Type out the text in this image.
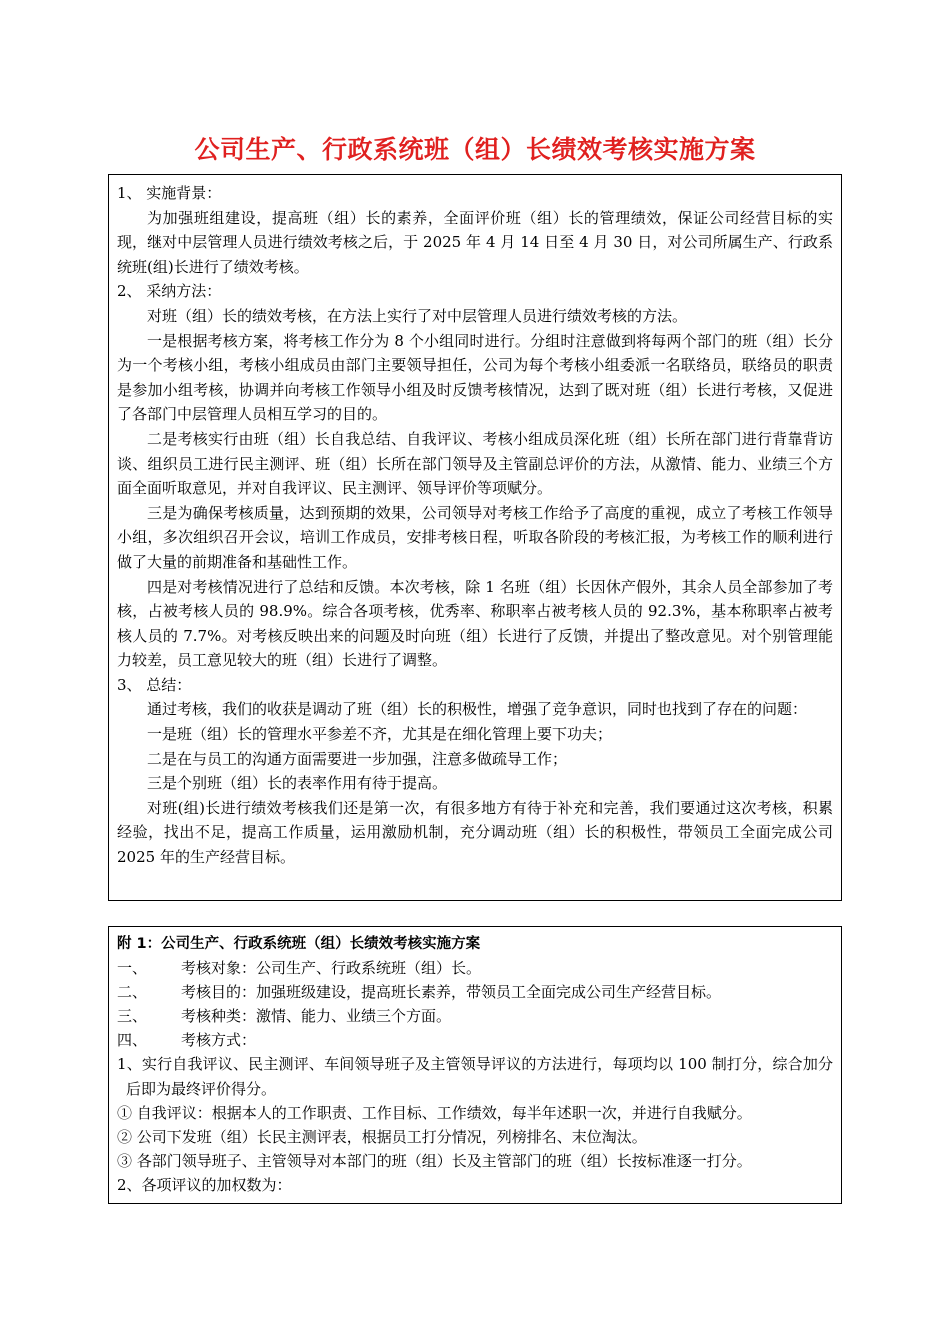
公司生产、行政系统班（组）长绩效考核实施方案

1、 实施背景：

为加强班组建设，提高班（组）长的素养，全面评价班（组）长的管理绩效，保证公司经营目标的实现，继对中层管理人员进行绩效考核之后，于 2025 年 4 月 14 日至 4 月 30 日，对公司所属生产、行政系统班(组)长进行了绩效考核。

2、 采纳方法：

对班（组）长的绩效考核，在方法上实行了对中层管理人员进行绩效考核的方法。

一是根据考核方案，将考核工作分为 8 个小组同时进行。分组时注意做到将每两个部门的班（组）长分为一个考核小组，考核小组成员由部门主要领导担任，公司为每个考核小组委派一名联络员，联络员的职责是参加小组考核，协调并向考核工作领导小组及时反馈考核情况，达到了既对班（组）长进行考核，又促进了各部门中层管理人员相互学习的目的。

二是考核实行由班（组）长自我总结、自我评议、考核小组成员深化班（组）长所在部门进行背靠背访谈、组织员工进行民主测评、班（组）长所在部门领导及主管副总评价的方法，从激情、能力、业绩三个方面全面听取意见，并对自我评议、民主测评、领导评价等项赋分。

三是为确保考核质量，达到预期的效果，公司领导对考核工作给予了高度的重视，成立了考核工作领导小组，多次组织召开会议，培训工作成员，安排考核日程，听取各阶段的考核汇报，为考核工作的顺利进行做了大量的前期准备和基础性工作。

四是对考核情况进行了总结和反馈。本次考核，除 1 名班（组）长因休产假外，其余人员全部参加了考核，占被考核人员的 98.9%。综合各项考核，优秀率、称职率占被考核人员的 92.3%，基本称职率占被考核人员的 7.7%。对考核反映出来的问题及时向班（组）长进行了反馈，并提出了整改意见。对个别管理能力较差，员工意见较大的班（组）长进行了调整。

3、 总结：

通过考核，我们的收获是调动了班（组）长的积极性，增强了竞争意识，同时也找到了存在的问题：

一是班（组）长的管理水平参差不齐，尤其是在细化管理上要下功夫；

二是在与员工的沟通方面需要进一步加强，注意多做疏导工作；

三是个别班（组）长的表率作用有待于提高。

对班(组)长进行绩效考核我们还是第一次，有很多地方有待于补充和完善，我们要通过这次考核，积累经验，找出不足，提高工作质量，运用激励机制，充分调动班（组）长的积极性，带领员工全面完成公司 2025 年的生产经营目标。

附 1：公司生产、行政系统班（组）长绩效考核实施方案

一、	考核对象：公司生产、行政系统班（组）长。

二、	考核目的：加强班级建设，提高班长素养，带领员工全面完成公司生产经营目标。

三、	考核种类：激情、能力、业绩三个方面。

四、	考核方式：

1、实行自我评议、民主测评、车间领导班子及主管领导评议的方法进行，每项均以 100 制打分，综合加分后即为最终评价得分。

① 自我评议：根据本人的工作职责、工作目标、工作绩效，每半年述职一次，并进行自我赋分。

② 公司下发班（组）长民主测评表，根据员工打分情况，列榜排名、末位淘汰。

③ 各部门领导班子、主管领导对本部门的班（组）长及主管部门的班（组）长按标准逐一打分。

2、各项评议的加权数为：
